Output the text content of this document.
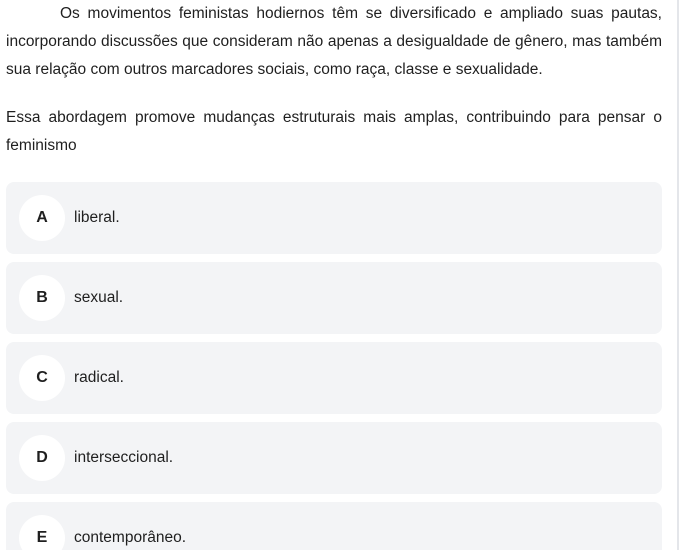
Os movimentos feministas hodiernos têm se diversificado e ampliado suas pautas, incorporando discussões que consideram não apenas a desigualdade de gênero, mas também sua relação com outros marcadores sociais, como raça, classe e sexualidade.

Essa abordagem promove mudanças estruturais mais amplas, contribuindo para pensar o feminismo

A	liberal.
B	sexual.
C	radical.
D	interseccional.
E	contemporâneo.
